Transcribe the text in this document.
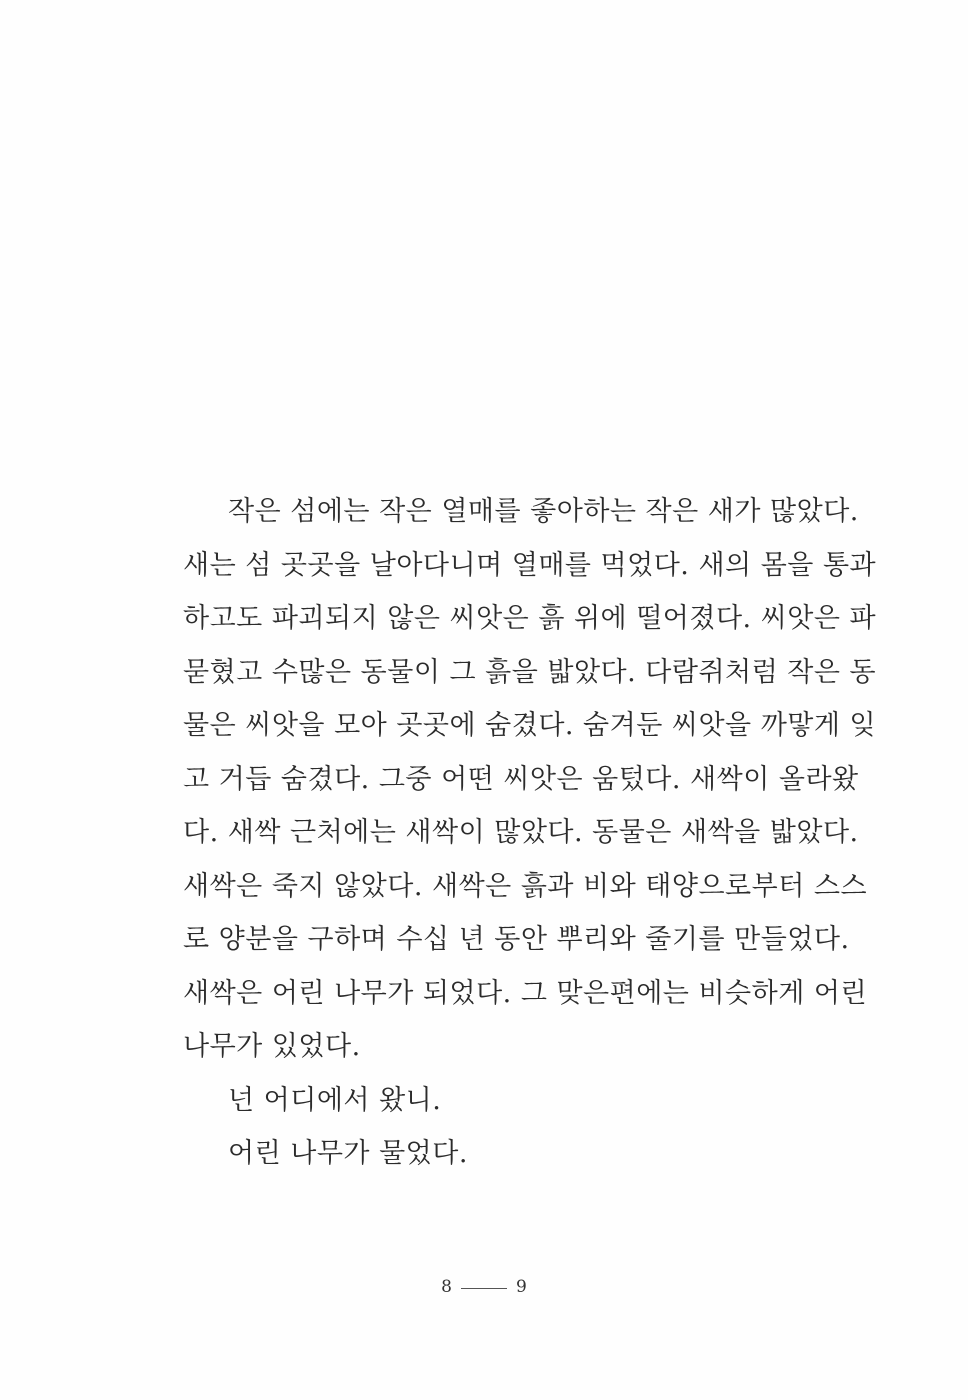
작은 섬에는 작은 열매를 좋아하는 작은 새가 많았다.
새는 섬 곳곳을 날아다니며 열매를 먹었다. 새의 몸을 통과
하고도 파괴되지 않은 씨앗은 흙 위에 떨어졌다. 씨앗은 파
묻혔고 수많은 동물이 그 흙을 밟았다. 다람쥐처럼 작은 동
물은 씨앗을 모아 곳곳에 숨겼다. 숨겨둔 씨앗을 까맣게 잊
고 거듭 숨겼다. 그중 어떤 씨앗은 움텄다. 새싹이 올라왔
다. 새싹 근처에는 새싹이 많았다. 동물은 새싹을 밟았다.
새싹은 죽지 않았다. 새싹은 흙과 비와 태양으로부터 스스
로 양분을 구하며 수십 년 동안 뿌리와 줄기를 만들었다.
새싹은 어린 나무가 되었다. 그 맞은편에는 비슷하게 어린
나무가 있었다.
넌 어디에서 왔니.
어린 나무가 물었다.
8	9
